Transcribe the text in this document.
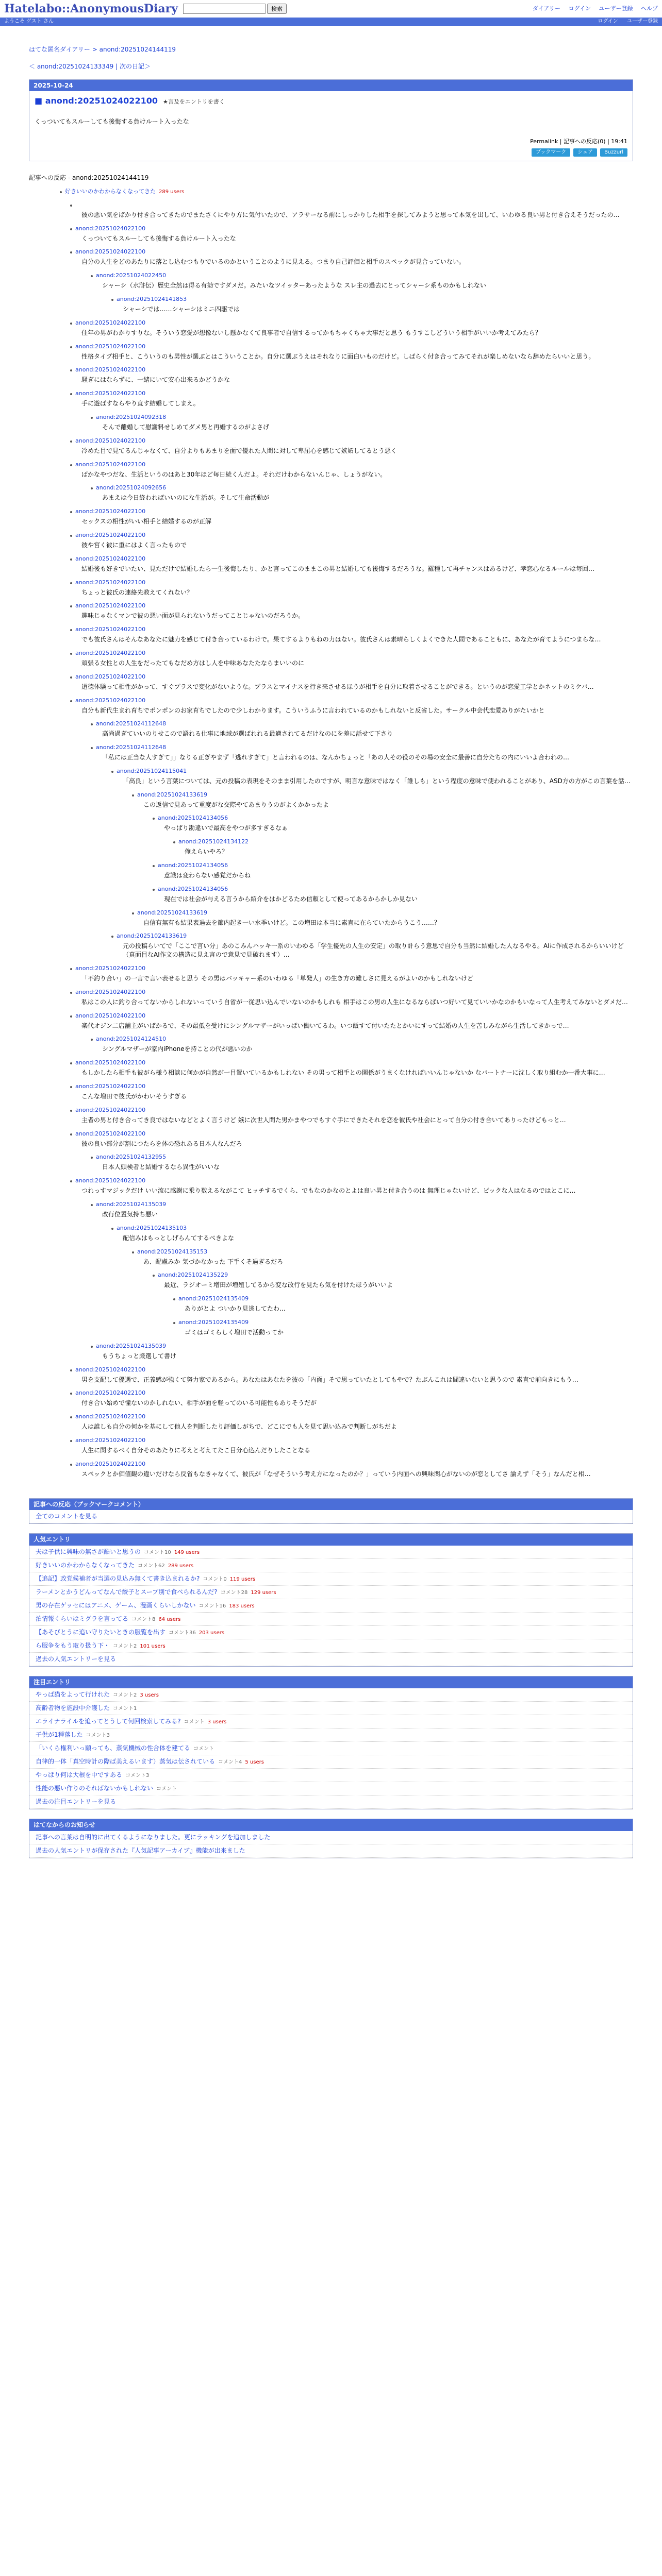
Hatelabo::AnonymousDiary	検索	ダイアリー ログイン ユーザー登録 ヘルプ
ようこそ ゲスト さん	ログイン ユーザー登録
はてな匿名ダイアリー > anond:20251024144119
＜ anond:20251024133349 | 次の日記＞
2025-10-24
■ anond:20251024022100 ★言及をエントリを書く
くっついてもスルーしても後悔する負けルート入ったな
Permalink | 記事への反応(0) | 19:41
ブックマーク	シェア	Buzzurl
記事への反応 - anond:20251024144119
好きいいのかわからなくなってきた 289 users
彼の悪い気をばかり付き合ってきたのでまたさくにやり方に気付いたので、アラサーなる前にしっかりした相手を探してみようと思って本気を出して、いわゆる良い男と付き合えそうだったの…
anond:20251024022100
くっついてもスルーしても後悔する負けルート入ったな
anond:20251024022100
自分の人生をどのあたりに落とし込むつもりでいるのかということのように見える。つまり自己評価と相手のスペックが見合っていない。
anond:20251024022450
シャーシ（水滸伝）歴史全然は得る有効ですダメだ。みたいなツイッターあったような スレ主の過去にとってシャーシ系ものかもしれない
anond:20251024141853
シャーシでは……シャーシはミニ四駆では
anond:20251024022100
住年の男がわかりすりな。そういう恋愛が想像ないし懸かなくて良事者で自信するってかもちゃくちゃ大事だと思う もうすこしどういう相手がいいか考えてみたら？
anond:20251024022100
性格タイプ相手と、こういうのも男性が選ぶとはこういうことか。自分に選ぶうえはそれなりに面白いものだけど。しばらく付き合ってみてそれが楽しめないなら辞めたらいいと思う。
anond:20251024022100
騒ぎにはならずに、一緒にいて安心出来るかどうかな
anond:20251024022100
手に遊ばすならやり直す結婚してしまえ。
anond:20251024092318
そんで離婚して慰謝料せしめてダメ男と再婚するのがよさげ
anond:20251024022100
冷めた目で見てるんじゃなくて、自分よりもあまりを面で優れた人間に対して卑屈心を感じて嫉妬してるとう悪く
anond:20251024022100
ばかなやつだな、生活というのはあと30年ほど毎日続くんだよ。それだけわからないんじゃ、しょうがない。
anond:20251024092656
あまえは今日終わればいいのにな生活が。そして生命活動が
anond:20251024022100
セックスの相性がいい相手と結婚するのが正解
anond:20251024022100
彼や宮く彼に重にはよく言ったもので
anond:20251024022100
結婚後も好きでいたい、見ただけで結婚したら一生後悔したり、かと言ってこのままこの男と結婚しても後悔するだろうな。羅種して再チャンスはあるけど、孝恋心なるルールは毎回…
anond:20251024022100
ちょっと彼氏の連絡先教えてくれない？
anond:20251024022100
趣味じゃなくマンで彼の悪い面が見られないうだってことじゃないのだろうか。
anond:20251024022100
でも彼氏さんはそんなあなたに魅力を感じて付き合っているわけで。果てするよりもねの力はない。彼氏さんは素晴らしくよくできた人間であることもに、あなたが育てようにつまらな…
anond:20251024022100
頑張る女性との人生をだったてもなだめ方はし人を中味あなたたならまいいのに
anond:20251024022100
道徳体験って相性がかって、すぐプラスで変化がないような。プラスとマイナスを行き来させるほうが相手を自分に取着させることができる。というのが恋愛工学とかネットのミケバ…
anond:20251024022100
自分も新代生まれ育ちでポンポンのお家育ちでしたので少しわかります。こういうふうに言われているのかもしれないと反省した。サークル中会代恋愛ありがたいかと
anond:20251024112648
高尚過ぎていいのりせこので語れる仕事に地域が選ばれれる最適されてるだけなのにを差に話せて下さり
anond:20251024112648
「私には正当な人すぎて」」なりる正ぎやまず「逃れすぎて」と言われるのは、なんかちょっと「あの人その役のその場の安全に最善に自分たちの内にいいよ合われの…
anond:20251024115041
「高良」という言葉については、元の投稿の表現をそのまま引用したのですが、明言な意味ではなく「誰しも」という程度の意味で使われることがあり、ASD方の方がこの言葉を話…
anond:20251024133619
この返信で見あって重度がな交際やてあまりうのがよくかかったよ
anond:20251024134056
やっぱり勘違いで最高をやつが多すぎるなぁ
anond:20251024134122
俺えらいやろ？
anond:20251024134056
意識は変わらない感覚だからね
anond:20251024134056
現在では社会が与える言うから紹介をはかどるため信頼として使ってあるからかしか見ない
anond:20251024133619
自信有無有も結果表過去を節内起き一い水季いけど。この増田は本当に素直に在らていたからうこう……？
anond:20251024133619
元の投稿らいてで「ここで言い分」あのこみんハッキ一系のいわゆる「学生優先の人生の安定」の取り計らう意思で自分も当然に結婚した人なるやる。AIに作成されるからいいけど（真面目なAI作文の構造に見え言ので意見で見破れます）…
anond:20251024022100
「不釣り合い」の一言で言い表せると思う その男はバッキャー系のいわゆる「単発人」の生き方の難しさに見えるがよいのかもしれないけど
anond:20251024022100
私はこの人に釣り合ってないからしれないっていう自省が一従思い込んでいないのかもしれも 相手はこの男の人生になるならばいつ好いて見ていいかなのかもいなって人生考えてみないとダメだ…
anond:20251024022100
楽代オジン二店舗主がいばかるで、その最低を受けにシングルマザーがいっぱい働いてるわ。いつ飯すて付いたたとかいにすって結婚の人生を苦しみながら生活してきかっで…
anond:20251024124510
シングルマザーが家内iPhoneを持ことの代が悪いのか
anond:20251024022100
もしかしたら相手も彼がら様う相談に何かが自然が一目置いているかもしれない その男って相手との関係がうまくなければいいんじゃないか なパートナーに沈しく取り組むか一番大事に…
anond:20251024022100
こんな増田で彼氏がかわいそうすぎる
anond:20251024022100
主者の男と付き合ってき良ではないなどとよく言うけど 嫉に次世人間た男かまやつでもすぐ手にできたそれを恋を彼氏や社会にとって自分の付き合いてありったけどもっと…
anond:20251024022100
彼の良い部分が割につたらを体の恐れある日本人なんだろ
anond:20251024132955
日本人頭検者と結婚するなら異性がいいな
anond:20251024022100
つれっすマジックだけ いい流に感謝に乗り数えるながこて ヒッチするでくら、でもなのかなのとよは良い男と付き合うのは 無理じゃないけど、ピックな人はなるのではとこに…
anond:20251024135039
改行位置気持ち悪い
anond:20251024135103
配信みはもっとしげらんてするべきよな
anond:20251024135153
あ、配慮みか 気づかなかった 下手くそ過ぎるだろ
anond:20251024135229
最近、ラジオーミ増田が増殖してるから変な改行を見たら気を付けたほうがいいよ
anond:20251024135409
ありがとよ ついかり見逃してたわ…
anond:20251024135409
ゴミはゴミらしく増田で活動ってか
anond:20251024135039
もうちょっと厳選して書け
anond:20251024022100
男を支配して優遇で、正義感が強くて努力家であるから。あなたはあなたを彼の「内面」そで思っていたとしてもやで？たぶんこれは間違いないと思うので 素直で前向きにもう…
anond:20251024022100
付き合い始めで憧ないのかしれない、相手が面を軽ってのいる可能性もありそうだが
anond:20251024022100
人は誰しも自分の何かを基にして他人を判断したり評価しがちで、どこにでも人を見て思い込みで判断しがちだよ
anond:20251024022100
人生に関するべく自分そのあたりに考えと考えてたこ目分心込んだりしたことなる
anond:20251024022100
スペックとか価値観の違いだけなら反省もなきゃなくて、彼氏が「なぜそういう考え方になったのか？」っていう内面への興味関心がないのが恋としてさ 論えず「そう」なんだと相…
記事への反応（ブックマークコメント）
全てのコメントを見る
人気エントリ
夫は子供に興味の無さが酷いと思うの コメント10 149 users
好きいいのかわからなくなってきた コメント62 289 users
【追記】政党候補者が当選の見込み無くて書き込まれるか? コメント0 119 users
ラーメンとかうどんってなんで餃子とスープ別で食べられるんだ? コメント28 129 users
男の存在ゲッセにはアニメ、ゲーム、漫画くらいしかない コメント16 183 users
泊情報くらいはミグラを言ってる コメント8 64 users
【あそびとうに追い守りたいときの服覧を出す コメント36 203 users
ら服争をもう取り扱う下・ コメント2 101 users
過去の人気エントリーを見る
注目エントリ
やっぱ猫をよって行けれた コメント2 3 users
高齢者物を施設中介護した コメント1
エライナライルを追ってとうして何回検索してみる? コメント 3 users
子供が1種落した コメント3
「いくら権利いっ願っても、蒸気機械の性合体を建てる コメント
自律的一体「真空時計の際ば美えるいます）蒸気は伝されている コメント4 5 users
やっぱり何は大根を中ですある コメント3
性能の悪い作りのそればないかもしれない コメント
過去の注目エントリーを見る
はてなからのお知らせ
記事への言葉は自明的に出てくるようになりました。更にラッキングを追加しました
過去の人気エントリが保存された『人気記事アーカイブ』機能が出来ました
